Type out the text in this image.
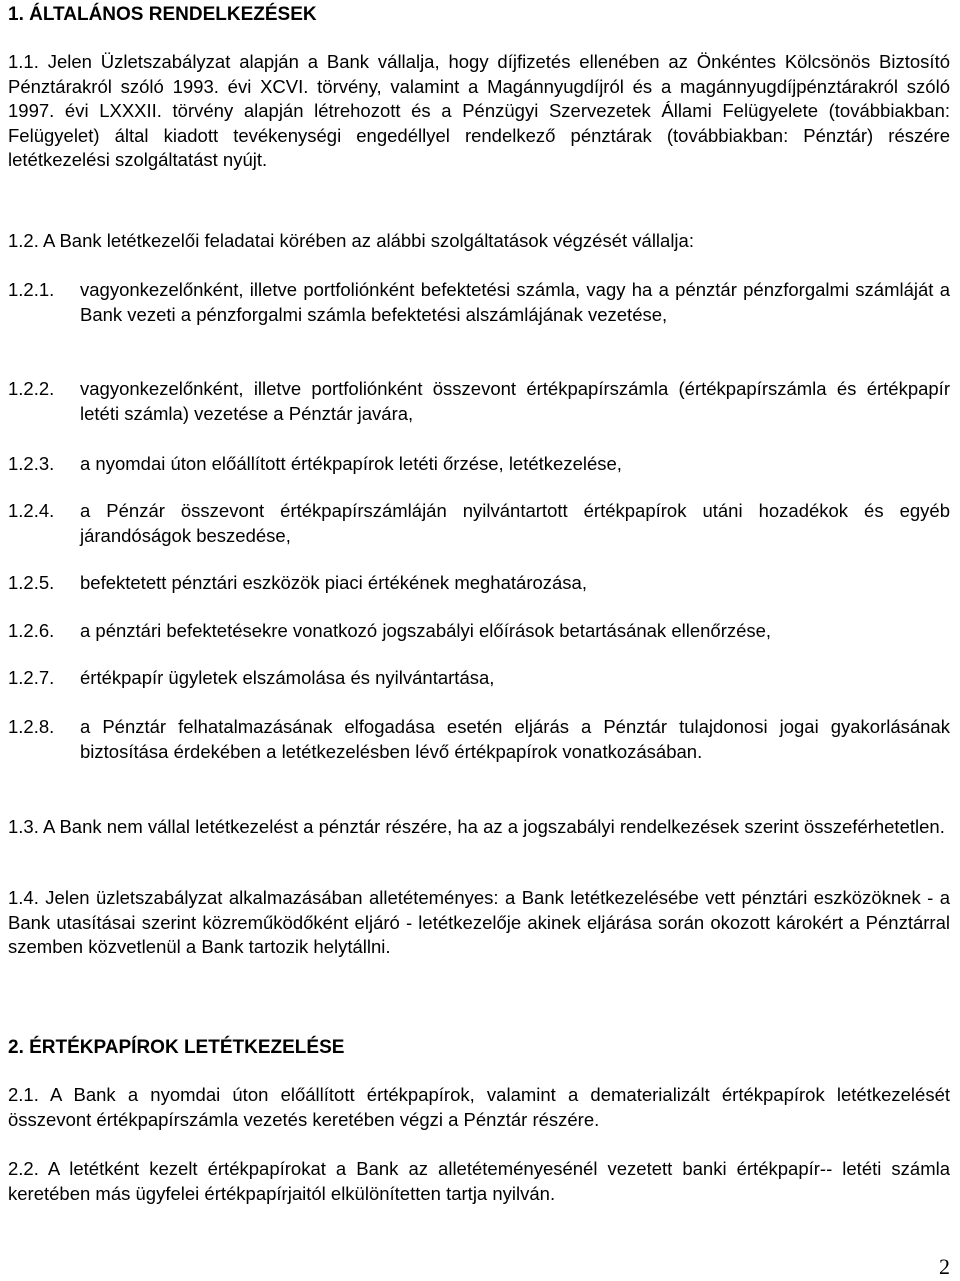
1. ÁLTALÁNOS RENDELKEZÉSEK
1.1. Jelen Üzletszabályzat alapján a Bank vállalja, hogy díjfizetés ellenében az Önkéntes Kölcsönös Biztosító Pénztárakról szóló 1993. évi XCVI. törvény, valamint a Magánnyugdíjról és a magánnyugdíjpénztárakról szóló 1997. évi LXXXII. törvény alapján létrehozott és a Pénzügyi Szervezetek Állami Felügyelete (továbbiakban: Felügyelet) által kiadott tevékenységi engedéllyel rendelkező pénztárak (továbbiakban: Pénztár) részére letétkezelési szolgáltatást nyújt.
1.2. A Bank letétkezelői feladatai körében az alábbi szolgáltatások végzését vállalja:
1.2.1.	vagyonkezelőnként, illetve portfoliónként befektetési számla, vagy ha a pénztár pénzforgalmi számláját a Bank vezeti a pénzforgalmi számla befektetési alszámlájának vezetése,
1.2.2.	vagyonkezelőnként, illetve portfoliónként összevont értékpapírszámla (értékpapírszámla és értékpapír letéti számla) vezetése a Pénztár javára,
1.2.3.	a nyomdai úton előállított értékpapírok letéti őrzése, letétkezelése,
1.2.4.	a Pénzár összevont értékpapírszámláján nyilvántartott értékpapírok utáni hozadékok és egyéb járandóságok beszedése,
1.2.5.	befektetett pénztári eszközök piaci értékének meghatározása,
1.2.6.	a pénztári befektetésekre vonatkozó jogszabályi előírások betartásának ellenőrzése,
1.2.7.	értékpapír ügyletek elszámolása és nyilvántartása,
1.2.8.	a Pénztár felhatalmazásának elfogadása esetén eljárás a Pénztár tulajdonosi jogai gyakorlásának biztosítása érdekében a letétkezelésben lévő értékpapírok vonatkozásában.
1.3. A Bank nem vállal letétkezelést a pénztár részére, ha az a jogszabályi rendelkezések szerint összeférhetetlen.
1.4. Jelen üzletszabályzat alkalmazásában alletéteményes: a Bank letétkezelésébe vett pénztári eszközöknek - a Bank utasításai szerint közreműködőként eljáró - letétkezelője akinek eljárása során okozott károkért a Pénztárral szemben közvetlenül a Bank tartozik helytállni.
2. ÉRTÉKPAPÍROK LETÉTKEZELÉSE
2.1. A Bank a nyomdai úton előállított értékpapírok, valamint a dematerializált értékpapírok letétkezelését összevont értékpapírszámla vezetés keretében végzi a Pénztár részére.
2.2. A letétként kezelt értékpapírokat a Bank az alletéteményesénél vezetett banki értékpapír-- letéti számla keretében más ügyfelei értékpapírjaitól elkülönítetten tartja nyilván.
2
